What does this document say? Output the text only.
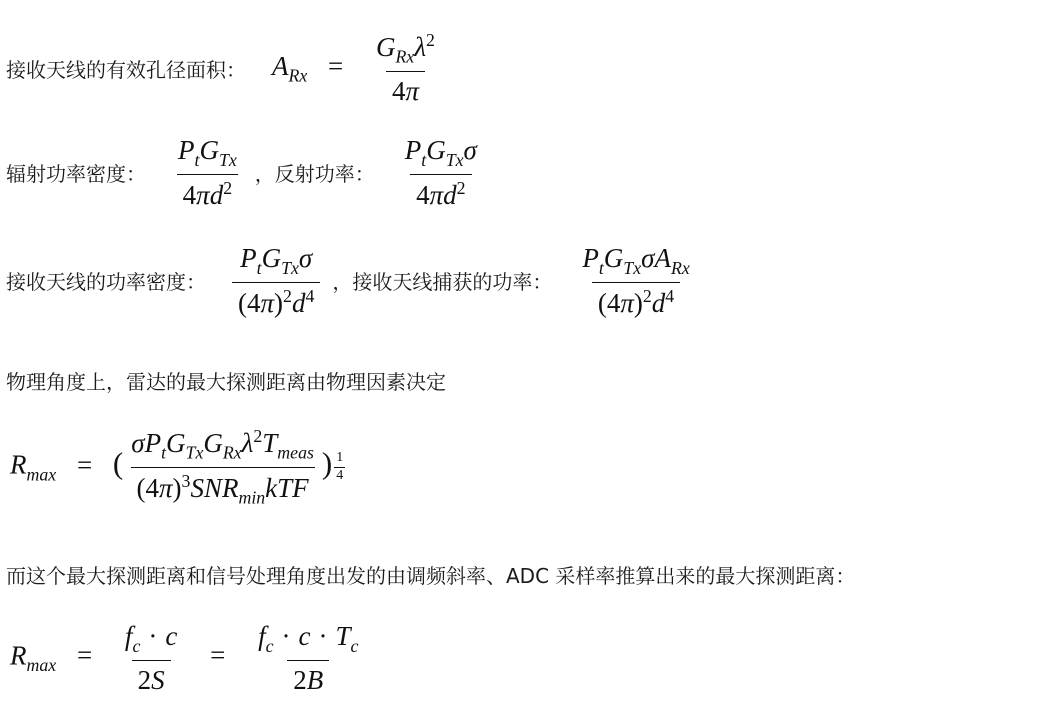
接收天线的有效孔径面积： $A_{Rx} = \frac{G_{Rx}\lambda^2}{4\pi}$
辐射功率密度： $\frac{P_tG_{Tx}}{4\pi d^2}$ ，反射功率： $\frac{P_tG_{Tx}\sigma}{4\pi d^2}$
接收天线的功率密度： $\frac{P_tG_{Tx}\sigma}{(4\pi)^2d^4}$ ，接收天线捕获的功率： $\frac{P_tG_{Tx}\sigma A_{Rx}}{(4\pi)^2d^4}$
物理角度上，雷达的最大探测距离由物理因素决定
$R_{max}$ = ( $\frac{\sigma P_tG_{Tx}G_{Rx}\lambda^2T_{meas}}{(4\pi)^3SNR_{min}kTF}$ ) $\frac{1}{4}$
而这个最大探测距离和信号处理角度出发的由调频斜率、ADC 采样率推算出来的最大探测距离：
$R_{max} = \frac{f_c \cdot c}{2S} = \frac{f_c \cdot c \cdot T_c}{2B}$
